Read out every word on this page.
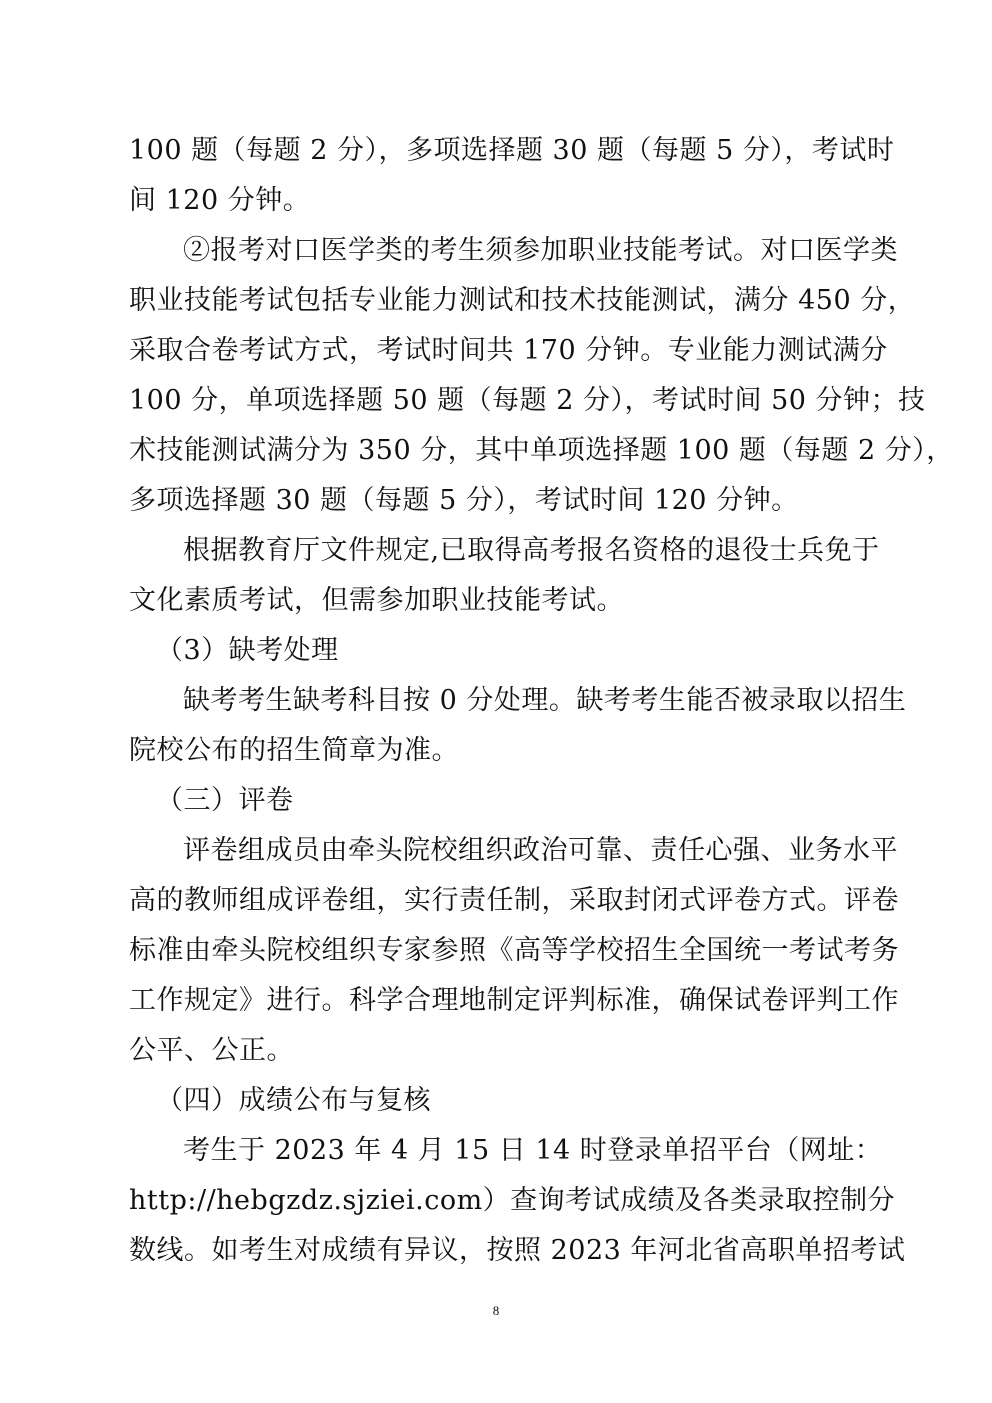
100 题（每题 2 分），多项选择题 30 题（每题 5 分），考试时
间 120 分钟。
②报考对口医学类的考生须参加职业技能考试。对口医学类
职业技能考试包括专业能力测试和技术技能测试，满分 450 分，
采取合卷考试方式，考试时间共 170 分钟。专业能力测试满分
100 分，单项选择题 50 题（每题 2 分），考试时间 50 分钟；技
术技能测试满分为 350 分，其中单项选择题 100 题（每题 2 分），
多项选择题 30 题（每题 5 分），考试时间 120 分钟。
根据教育厅文件规定,已取得高考报名资格的退役士兵免于
文化素质考试，但需参加职业技能考试。
（3）缺考处理
缺考考生缺考科目按 0 分处理。缺考考生能否被录取以招生
院校公布的招生简章为准。
（三）评卷
评卷组成员由牵头院校组织政治可靠、责任心强、业务水平
高的教师组成评卷组，实行责任制，采取封闭式评卷方式。评卷
标准由牵头院校组织专家参照《高等学校招生全国统一考试考务
工作规定》进行。科学合理地制定评判标准，确保试卷评判工作
公平、公正。
（四）成绩公布与复核
考生于 2023 年 4 月 15 日 14 时登录单招平台（网址：
http://hebgzdz.sjziei.com）查询考试成绩及各类录取控制分
数线。如考生对成绩有异议，按照 2023 年河北省高职单招考试
8
